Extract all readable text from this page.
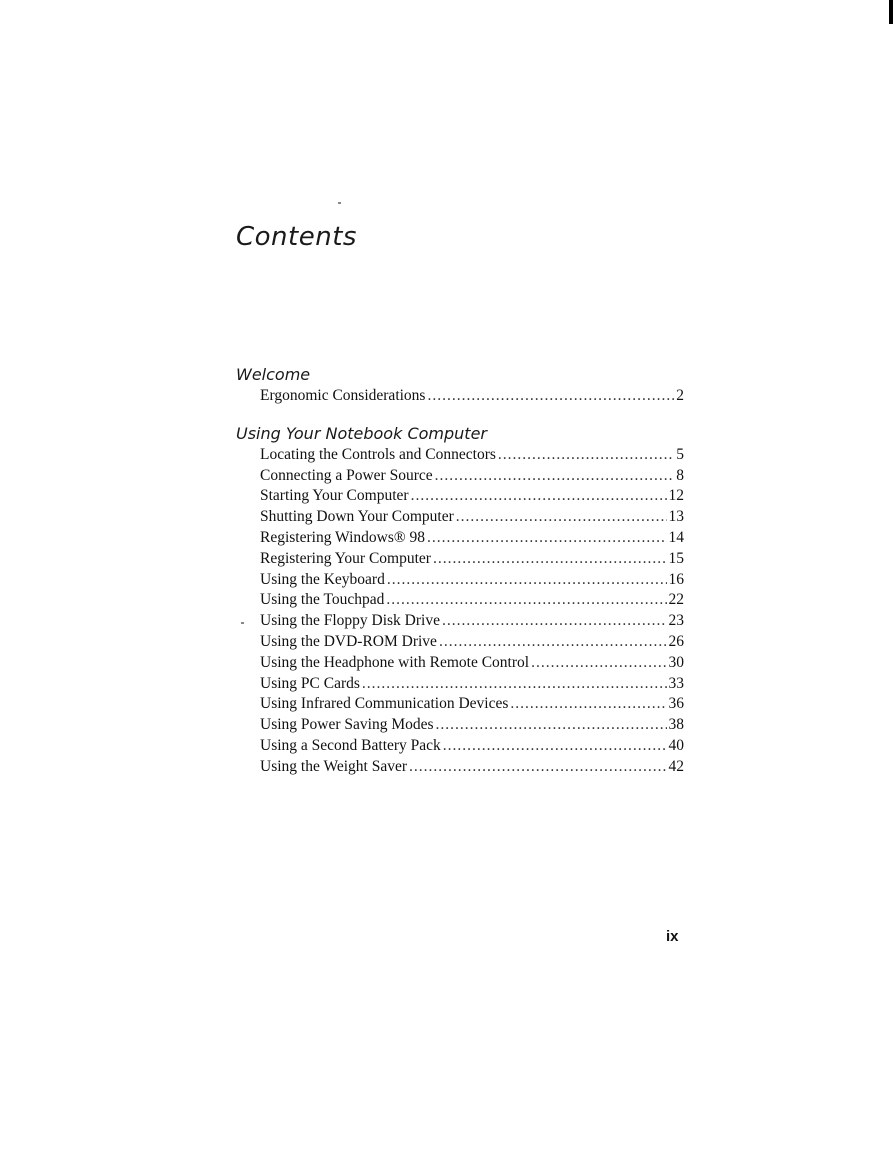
Contents
Welcome
Ergonomic Considerations .....	2
Using Your Notebook Computer
Locating the Controls and Connectors .....	5
Connecting a Power Source .....	8
Starting Your Computer .....	12
Shutting Down Your Computer .....	13
Registering Windows® 98 .....	14
Registering Your Computer .....	15
Using the Keyboard .....	16
Using the Touchpad .....	22
Using the Floppy Disk Drive .....	23
Using the DVD-ROM Drive .....	26
Using the Headphone with Remote Control .....	30
Using PC Cards .....	33
Using Infrared Communication Devices .....	36
Using Power Saving Modes .....	38
Using a Second Battery Pack .....	40
Using the Weight Saver .....	42
ix
